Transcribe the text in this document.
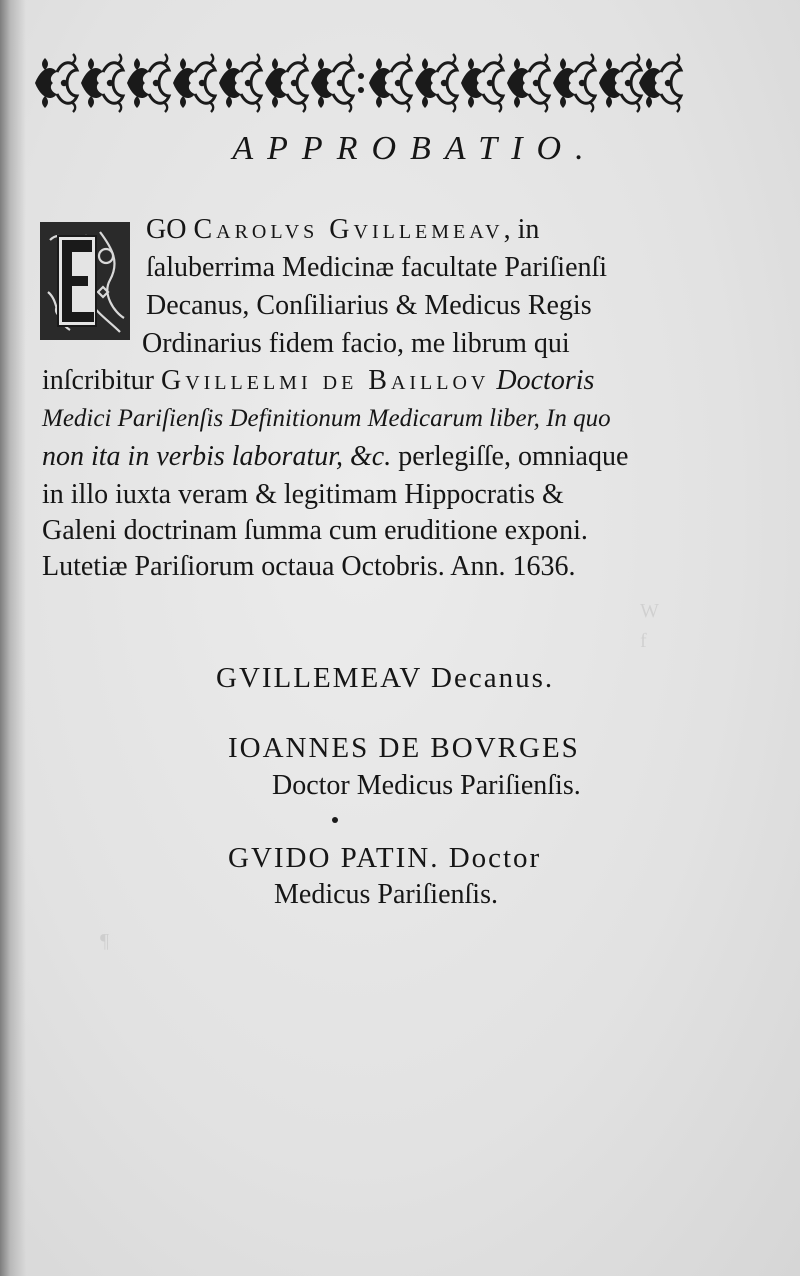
APPROBATIO.
GO Carolvs Gvillemeav, in
ſaluberrima Medicinæ facultate Pariſienſi
Decanus, Conſiliarius & Medicus Regis
Ordinarius fidem facio, me librum qui
inſcribitur Gvillelmi de Baillov Doctoris
Medici Pariſienſis Definitionum Medicarum liber, In quo
non ita in verbis laboratur, &c. perlegiſſe, omniaque
in illo iuxta veram & legitimam Hippocratis &
Galeni doctrinam ſumma cum eruditione exponi.
Lutetiæ Pariſiorum octaua Octobris. Ann. 1636.
W
f
¶
GVILLEMEAV Decanus.
IOANNES DE BOVRGES
Doctor Medicus Pariſienſis.
GVIDO PATIN. Doctor
Medicus Pariſienſis.
